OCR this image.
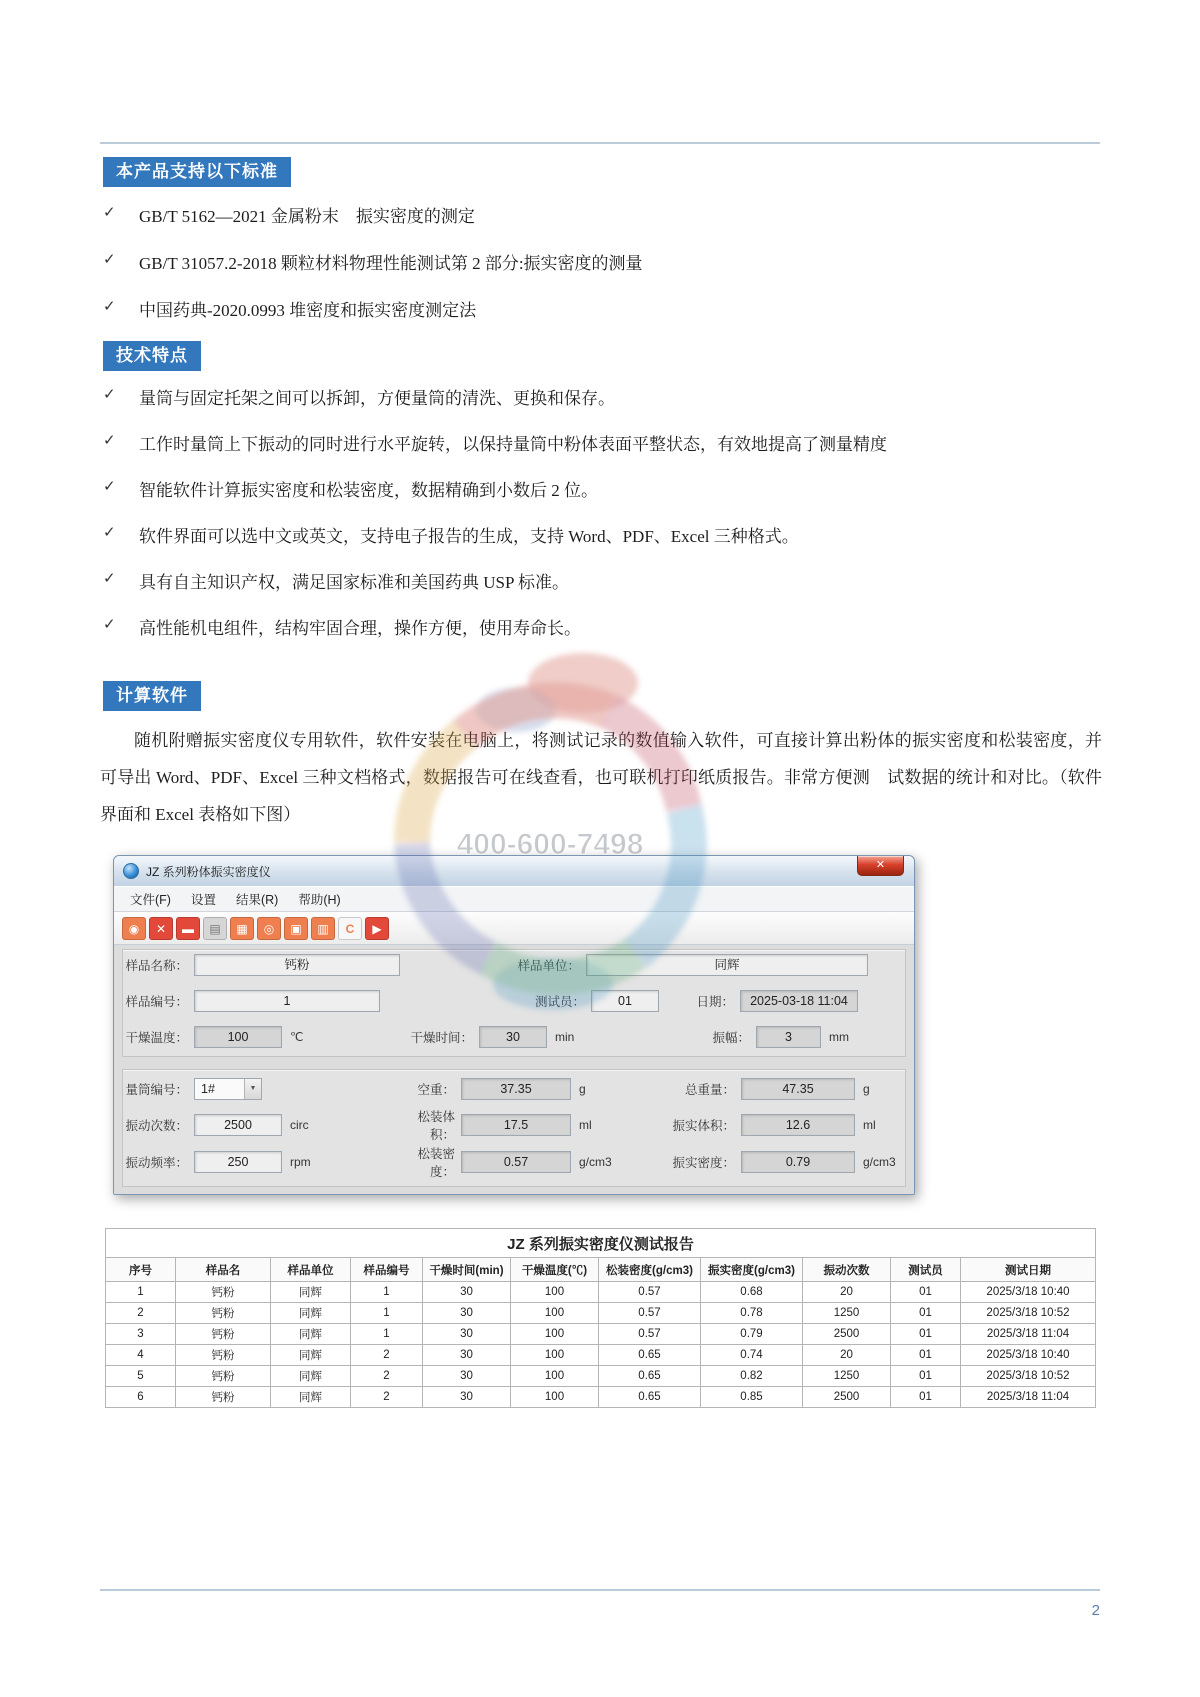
本产品支持以下标准
✓	GB/T 5162—2021 金属粉末　振实密度的测定
✓	GB/T 31057.2-2018 颗粒材料物理性能测试第 2 部分:振实密度的测量
✓	中国药典-2020.0993 堆密度和振实密度测定法
技术特点
✓	量筒与固定托架之间可以拆卸，方便量筒的清洗、更换和保存。
✓	工作时量筒上下振动的同时进行水平旋转，以保持量筒中粉体表面平整状态，有效地提高了测量精度
✓	智能软件计算振实密度和松装密度，数据精确到小数后 2 位。
✓	软件界面可以选中文或英文，支持电子报告的生成，支持 Word、PDF、Excel 三种格式。
✓	具有自主知识产权，满足国家标准和美国药典 USP 标准。
✓	高性能机电组件，结构牢固合理，操作方便，使用寿命长。
计算软件

随机附赠振实密度仪专用软件，软件安装在电脑上，将测试记录的数值输入软件，可直接计算出粉体的振实密度和松装密度，并可导出 Word、PDF、Excel 三种文档格式，数据报告可在线查看，也可联机打印纸质报告。非常方便测　试数据的统计和对比。（软件界面和 Excel 表格如下图）

JZ 系列粉体振实密度仪	✕
文件(F)	设置	结果(R)	帮助(H)
◉	✕	▬	▤	▦	◎	▣	▥	C	▶
样品名称：	钙粉	样品单位：	同辉
样品编号：	1	测试员：	01	日期：	2025-03-18 11:04
干燥温度：	100	℃	干燥时间：	30	min	振幅：	3	mm
量筒编号：	1#	▼	空重：	37.35	g	总重量：	47.35	g
振动次数：	2500	circ
松装体积：
17.5	ml	振实体积：	12.6	ml
振动频率：	250	rpm
松装密度：
0.57	g/cm3	振实密度：	0.79	g/cm3
JZ 系列振实密度仪测试报告										
序号	样品名	样品单位	样品编号	干燥时间(min)	干燥温度(℃)	松装密度(g/cm3)	振实密度(g/cm3)	振动次数	测试员	测试日期
1	钙粉	同辉	1	30	100	0.57	0.68	20	01	2025/3/18 10:40
2	钙粉	同辉	1	30	100	0.57	0.78	1250	01	2025/3/18 10:52
3	钙粉	同辉	1	30	100	0.57	0.79	2500	01	2025/3/18 11:04
4	钙粉	同辉	2	30	100	0.65	0.74	20	01	2025/3/18 10:40
5	钙粉	同辉	2	30	100	0.65	0.82	1250	01	2025/3/18 10:52
6	钙粉	同辉	2	30	100	0.65	0.85	2500	01	2025/3/18 11:04
400-600-7498
2
